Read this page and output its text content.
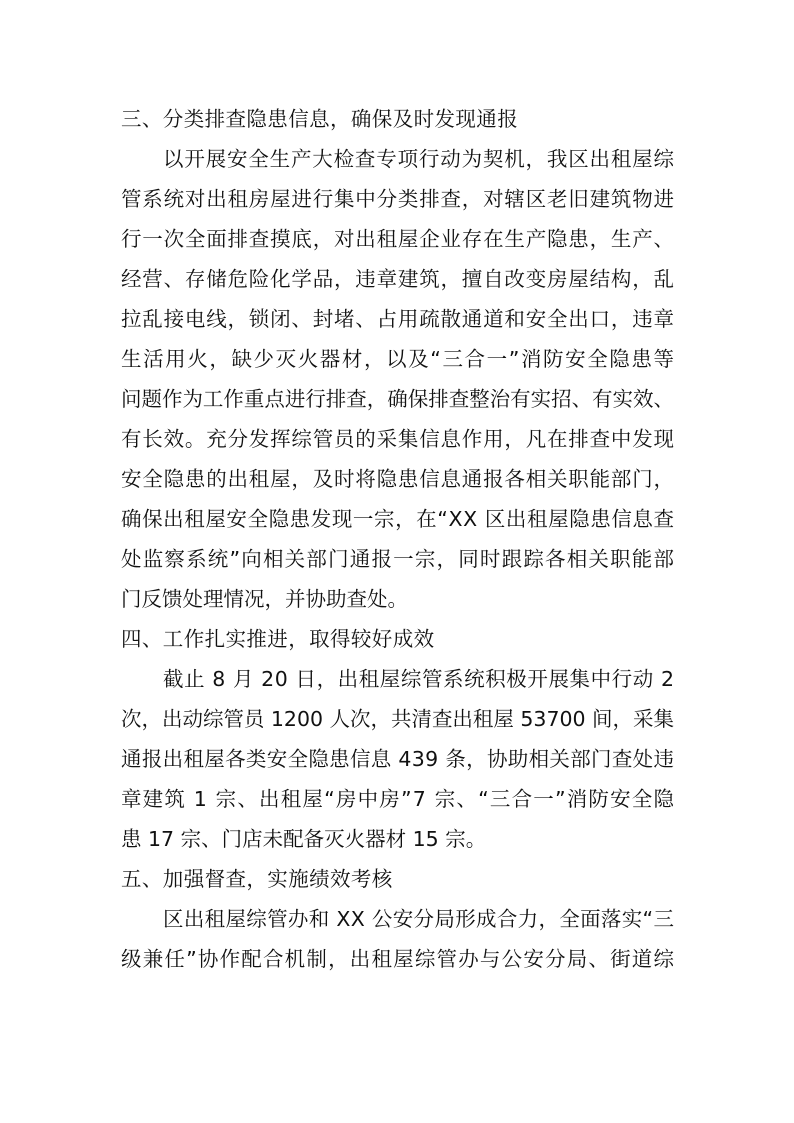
三、分类排查隐患信息，确保及时发现通报

以开展安全生产大检查专项行动为契机，我区出租屋综

管系统对出租房屋进行集中分类排查，对辖区老旧建筑物进

行一次全面排查摸底，对出租屋企业存在生产隐患，生产、

经营、存储危险化学品，违章建筑，擅自改变房屋结构，乱

拉乱接电线，锁闭、封堵、占用疏散通道和安全出口，违章

生活用火，缺少灭火器材，以及“三合一”消防安全隐患等

问题作为工作重点进行排查，确保排查整治有实招、有实效、

有长效。充分发挥综管员的采集信息作用，凡在排查中发现

安全隐患的出租屋，及时将隐患信息通报各相关职能部门，

确保出租屋安全隐患发现一宗，在“XX 区出租屋隐患信息查

处监察系统”向相关部门通报一宗，同时跟踪各相关职能部

门反馈处理情况，并协助查处。

四、工作扎实推进，取得较好成效

截止 8 月 20 日，出租屋综管系统积极开展集中行动 2

次，出动综管员 1200 人次，共清查出租屋 53700 间，采集

通报出租屋各类安全隐患信息 439 条，协助相关部门查处违

章建筑 1 宗、出租屋“房中房”7 宗、“三合一”消防安全隐

患 17 宗、门店未配备灭火器材 15 宗。

五、加强督查，实施绩效考核

区出租屋综管办和 XX 公安分局形成合力，全面落实“三

级兼任”协作配合机制，出租屋综管办与公安分局、街道综
